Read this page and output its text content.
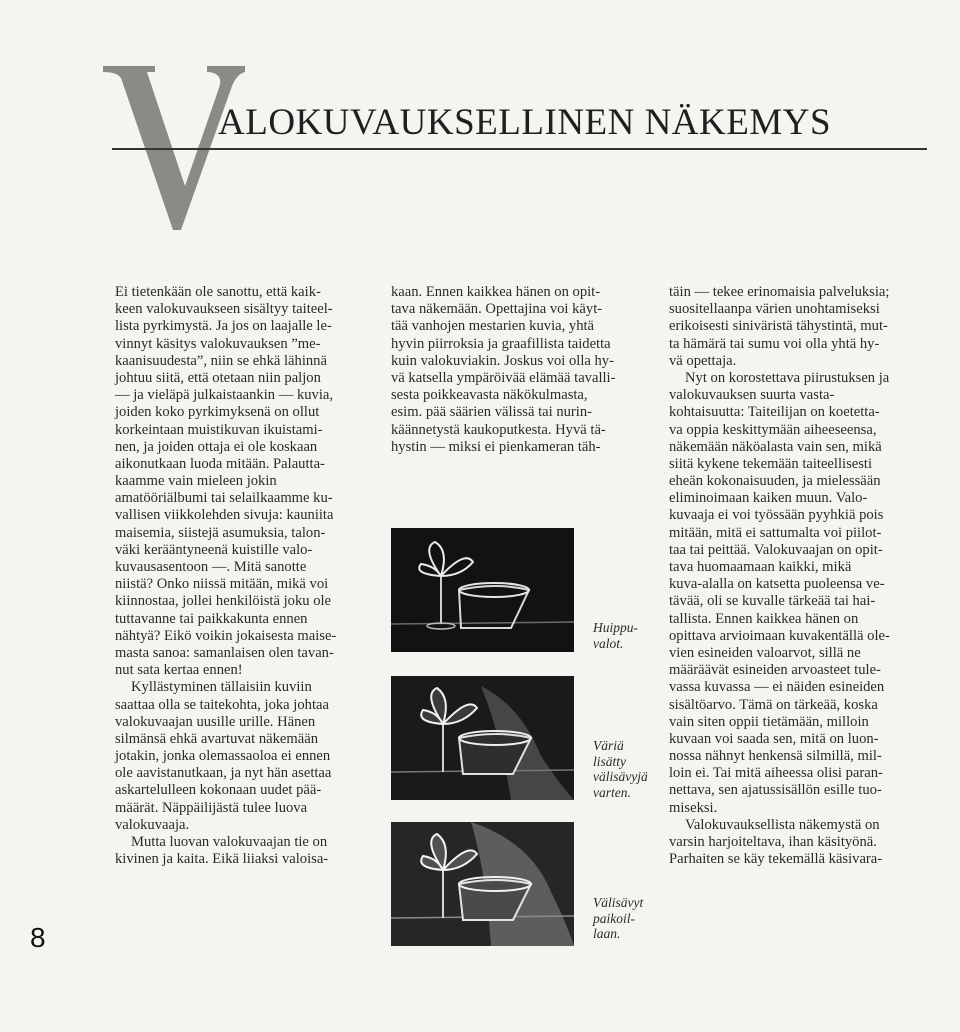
V
ALOKUVAUKSELLINEN NÄKEMYS
Ei tietenkään ole sanottu, että kaik-
keen valokuvaukseen sisältyy taiteel-
lista pyrkimystä. Ja jos on laajalle le-
vinnyt käsitys valokuvauksen ”me-
kaanisuudesta”, niin se ehkä lähinnä
johtuu siitä, että otetaan niin paljon
— ja vieläpä julkaistaankin — kuvia,
joiden koko pyrkimyksenä on ollut
korkeintaan muistikuvan ikuistami-
nen, ja joiden ottaja ei ole koskaan
aikonutkaan luoda mitään. Palautta-
kaamme vain mieleen jokin
amatööriälbumi tai selailkaamme ku-
vallisen viikkolehden sivuja: kauniita
maisemia, siistejä asumuksia, talon-
väki kerääntyneenä kuistille valo-
kuvausasentoon —. Mitä sanotte
niistä? Onko niissä mitään, mikä voi
kiinnostaa, jollei henkilöistä joku ole
tuttavanne tai paikkakunta ennen
nähtyä? Eikö voikin jokaisesta maise-
masta sanoa: samanlaisen olen tavan-
nut sata kertaa ennen!
Kyllästyminen tällaisiin kuviin
saattaa olla se taitekohta, joka johtaa
valokuvaajan uusille urille. Hänen
silmänsä ehkä avartuvat näkemään
jotakin, jonka olemassaoloa ei ennen
ole aavistanutkaan, ja nyt hän asettaa
askartelulleen kokonaan uudet pää-
määrät. Näppäilijästä tulee luova
valokuvaaja.
Mutta luovan valokuvaajan tie on
kivinen ja kaita. Eikä liiaksi valoisa-
kaan. Ennen kaikkea hänen on opit-
tava näkemään. Opettajina voi käyt-
tää vanhojen mestarien kuvia, yhtä
hyvin piirroksia ja graafillista taidetta
kuin valokuviakin. Joskus voi olla hy-
vä katsella ympäröivää elämää tavalli-
sesta poikkeavasta näkökulmasta,
esim. pää säärien välissä tai nurin-
käännetystä kaukoputkesta. Hyvä tä-
hystin — miksi ei pienkameran täh-
täin — tekee erinomaisia palveluksia;
suositellaanpa värien unohtamiseksi
erikoisesti siniväristä tähystintä, mut-
ta hämärä tai sumu voi olla yhtä hy-
vä opettaja.
Nyt on korostettava piirustuksen ja
valokuvauksen suurta vasta-
kohtaisuutta: Taiteilijan on koetetta-
va oppia keskittymään aiheeseensa,
näkemään näköalasta vain sen, mikä
siitä kykene tekemään taiteellisesti
eheän kokonaisuuden, ja mielessään
eliminoimaan kaiken muun. Valo-
kuvaaja ei voi työssään pyyhkiä pois
mitään, mitä ei sattumalta voi piilot-
taa tai peittää. Valokuvaajan on opit-
tava huomaamaan kaikki, mikä
kuva-alalla on katsetta puoleensa ve-
tävää, oli se kuvalle tärkeää tai hai-
tallista. Ennen kaikkea hänen on
opittava arvioimaan kuvakentällä ole-
vien esineiden valoarvot, sillä ne
määräävät esineiden arvoasteet tule-
vassa kuvassa — ei näiden esineiden
sisältöarvo. Tämä on tärkeää, koska
vain siten oppii tietämään, milloin
kuvaan voi saada sen, mitä on luon-
nossa nähnyt henkensä silmillä, mil-
loin ei. Tai mitä aiheessa olisi paran-
nettava, sen ajatussisällön esille tuo-
miseksi.
Valokuvauksellista näkemystä on
varsin harjoiteltava, ihan käsityönä.
Parhaiten se käy tekemällä käsivara-
Huippu-
valot.
Väriä
lisätty
välisävyjä
varten.
Välisävyt
paikoil-
laan.
8
